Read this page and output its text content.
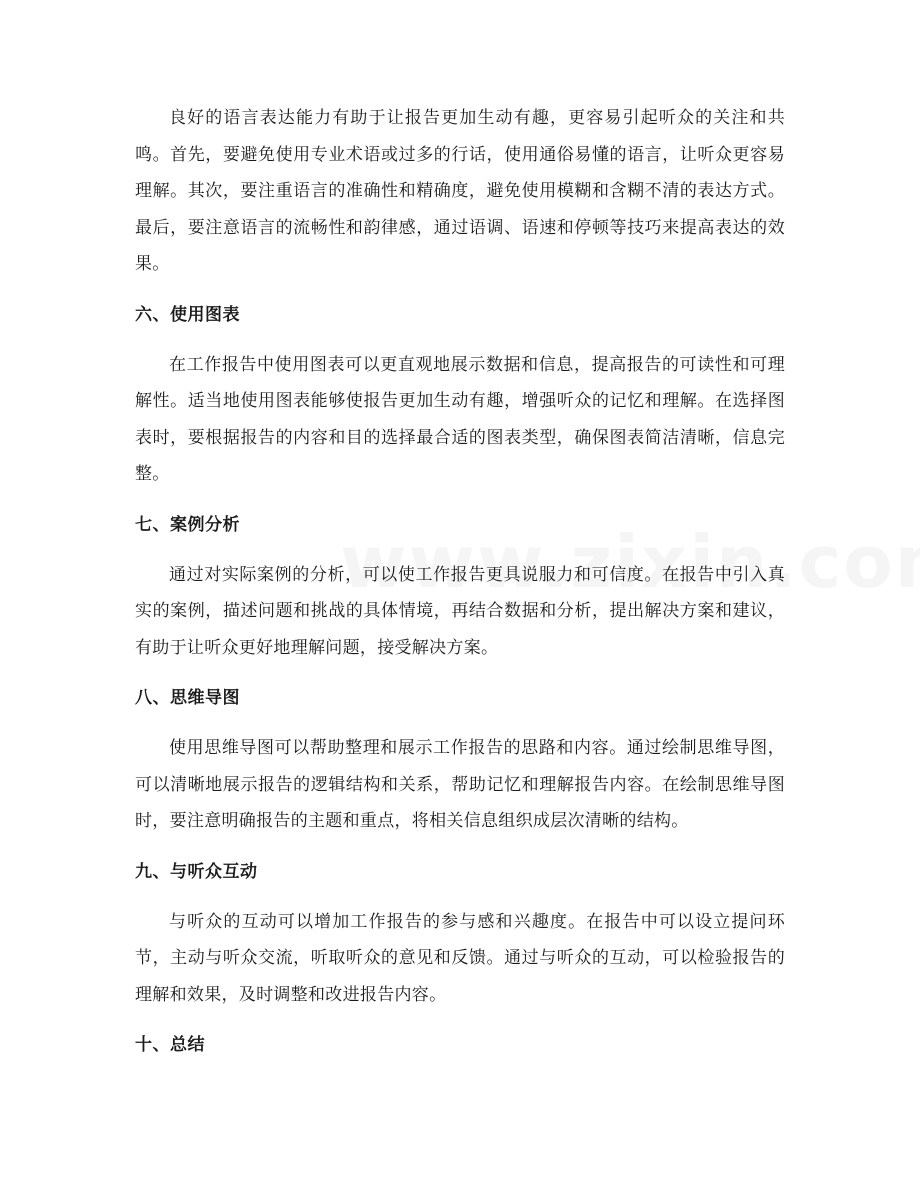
良好的语言表达能力有助于让报告更加生动有趣，更容易引起听众的关注和共鸣。首先，要避免使用专业术语或过多的行话，使用通俗易懂的语言，让听众更容易理解。其次，要注重语言的准确性和精确度，避免使用模糊和含糊不清的表达方式。最后，要注意语言的流畅性和韵律感，通过语调、语速和停顿等技巧来提高表达的效果。

六、使用图表

在工作报告中使用图表可以更直观地展示数据和信息，提高报告的可读性和可理解性。适当地使用图表能够使报告更加生动有趣，增强听众的记忆和理解。在选择图表时，要根据报告的内容和目的选择最合适的图表类型，确保图表简洁清晰，信息完整。

七、案例分析

通过对实际案例的分析，可以使工作报告更具说服力和可信度。在报告中引入真实的案例，描述问题和挑战的具体情境，再结合数据和分析，提出解决方案和建议，有助于让听众更好地理解问题，接受解决方案。

八、思维导图

使用思维导图可以帮助整理和展示工作报告的思路和内容。通过绘制思维导图，可以清晰地展示报告的逻辑结构和关系，帮助记忆和理解报告内容。在绘制思维导图时，要注意明确报告的主题和重点，将相关信息组织成层次清晰的结构。

九、与听众互动

与听众的互动可以增加工作报告的参与感和兴趣度。在报告中可以设立提问环节，主动与听众交流，听取听众的意见和反馈。通过与听众的互动，可以检验报告的理解和效果，及时调整和改进报告内容。

十、总结
